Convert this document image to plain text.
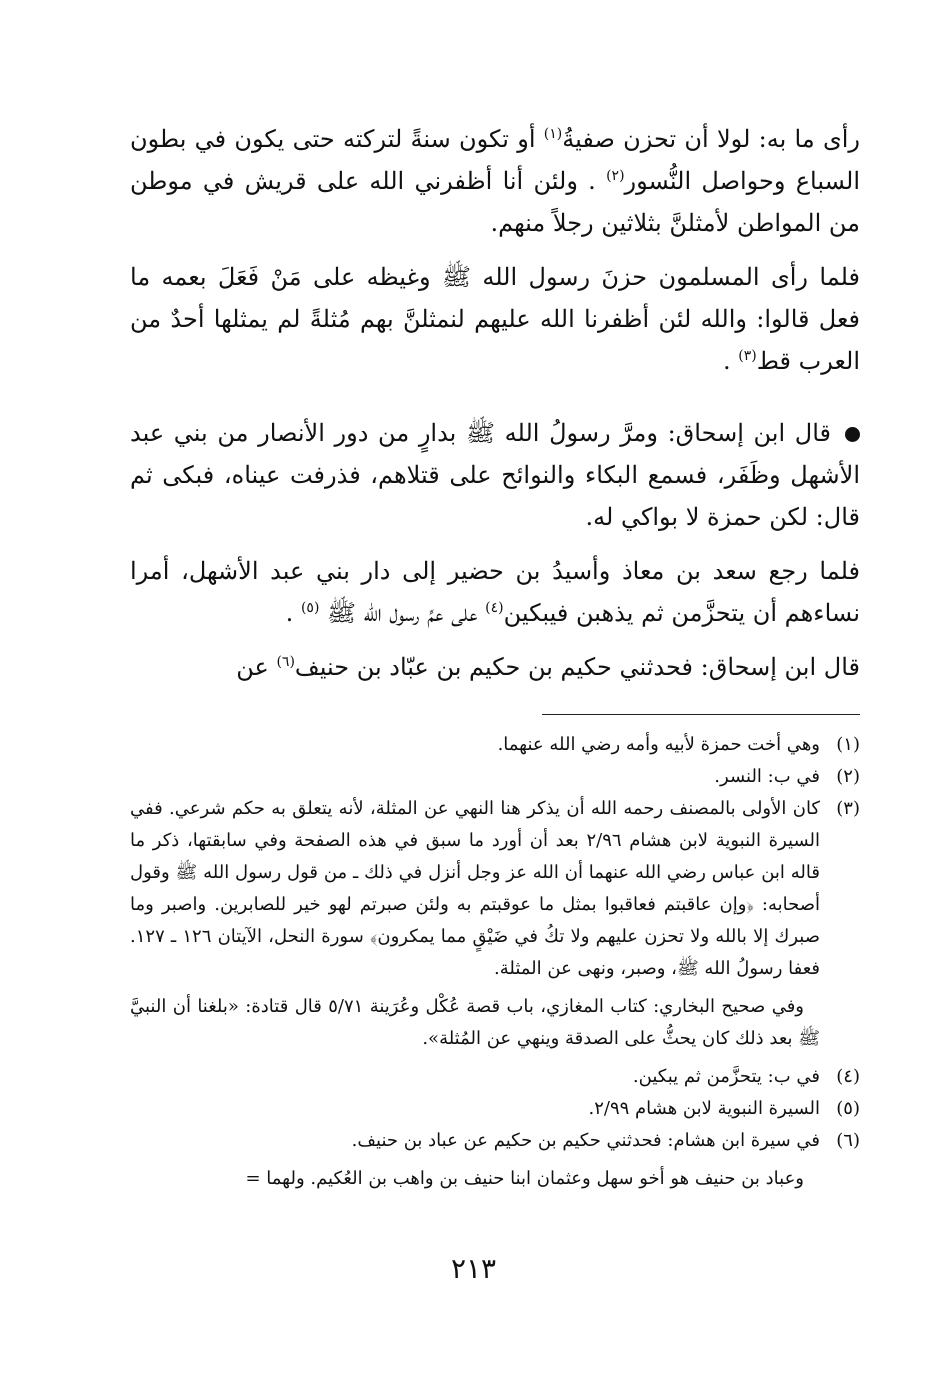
رأى ما به: لولا أن تحزن صفيةُ$^{(١)}$ أو تكون سنةً لتركته حتى يكون في بطون السباع وحواصل النُّسور$^{(٢)}$ . ولئن أنا أظفرني الله على قريش في موطن من المواطن لأمثلنَّ بثلاثين رجلاً منهم.

فلما رأى المسلمون حزنَ رسول الله ﷺ وغيظه على مَنْ فَعَلَ بعمه ما فعل قالوا: والله لئن أظفرنا الله عليهم لنمثلنَّ بهم مُثلةً لم يمثلها أحدٌ من العرب قط$^{(٣)}$ .

قال ابن إسحاق: ومرَّ رسولُ الله ﷺ بدارٍ من دور الأنصار من بني عبد الأشهل وظَفَر، فسمع البكاء والنوائح على قتلاهم، فذرفت عيناه، فبكى ثم قال: لكن حمزة لا بواكي له.

فلما رجع سعد بن معاذ وأسيدُ بن حضير إلى دار بني عبد الأشهل، أمرا نساءهم أن يتحزَّمن ثم يذهبن فيبكين$^{(٤)}$ على عمِّ رسول الله ﷺ $^{(٥)}$ .

قال ابن إسحاق: فحدثني حكيم بن حكيم بن عبّاد بن حنيف$^{(٦)}$ عن

(١)
وهي أخت حمزة لأبيه وأمه رضي الله عنهما.
(٢)
في ب: النسر.
(٣)
كان الأولى بالمصنف رحمه الله أن يذكر هنا النهي عن المثلة، لأنه يتعلق به حكم شرعي. ففي السيرة النبوية لابن هشام ٢/٩٦ بعد أن أورد ما سبق في هذه الصفحة وفي سابقتها، ذكر ما قاله ابن عباس رضي الله عنهما أن الله عز وجل أنزل في ذلك ـ من قول رسول الله ﷺ وقول أصحابه: ﴿وإن عاقبتم فعاقبوا بمثل ما عوقبتم به ولئن صبرتم لهو خير للصابرين. واصبر وما صبرك إلا بالله ولا تحزن عليهم ولا تكُ في ضَيْقٍ مما يمكرون﴾ سورة النحل، الآيتان ١٢٦ ـ ١٢٧. فعفا رسولُ الله ﷺ، وصبر، ونهى عن المثلة.
وفي صحيح البخاري: كتاب المغازي، باب قصة عُكْل وعُرَينة ٥/٧١ قال قتادة: «بلغنا أن النبيَّ ﷺ بعد ذلك كان يحثُّ على الصدقة وينهي عن المُثلة».
(٤)
في ب: يتحزَّمن ثم يبكين.
(٥)
السيرة النبوية لابن هشام ٢/٩٩.
(٦)
في سيرة ابن هشام: فحدثني حكيم بن حكيم عن عباد بن حنيف.
وعباد بن حنيف هو أخو سهل وعثمان ابنا حنيف بن واهب بن العُكيم. ولهما =
٢١٣
